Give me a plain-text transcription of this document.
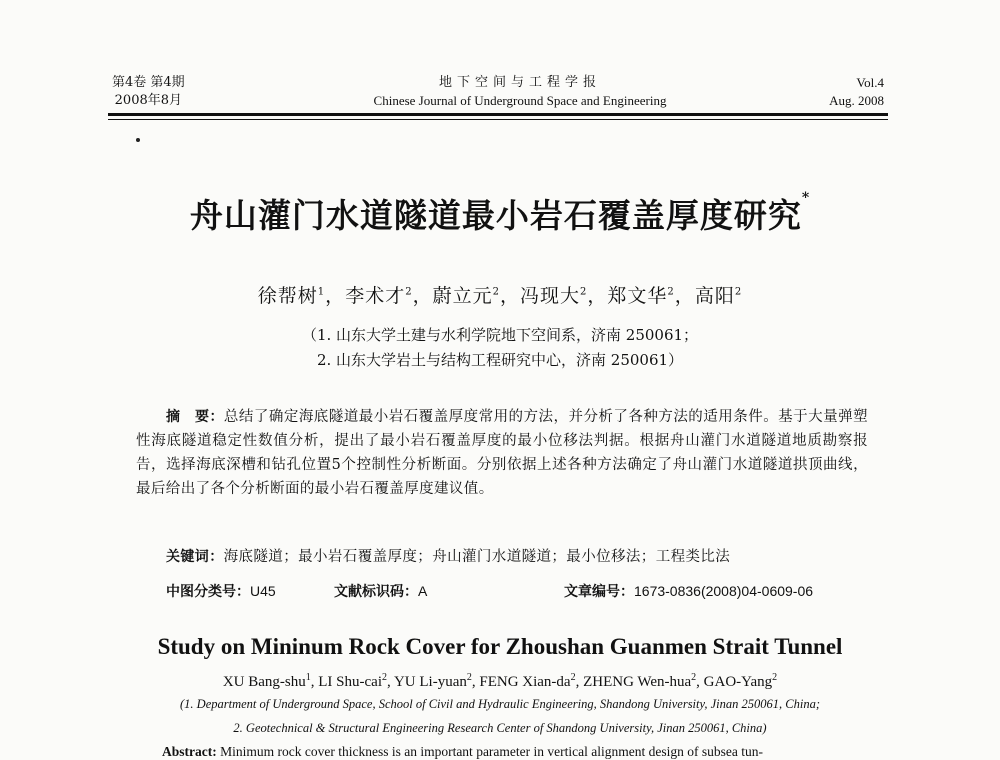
第4卷 第4期
2008年8月
地下空间与工程学报
Chinese Journal of Underground Space and Engineering
Vol.4
Aug. 2008
舟山灌门水道隧道最小岩石覆盖厚度研究*
徐帮树$^1$，李术才$^2$，蔚立元$^2$，冯现大$^2$，郑文华$^2$，高阳$^2$
（1. 山东大学土建与水利学院地下空间系，济南 250061；
2. 山东大学岩土与结构工程研究中心，济南 250061）
摘　要：总结了确定海底隧道最小岩石覆盖厚度常用的方法，并分析了各种方法的适用条件。基于大量弹塑性海底隧道稳定性数值分析，提出了最小岩石覆盖厚度的最小位移法判据。根据舟山灌门水道隧道地质勘察报告，选择海底深槽和钻孔位置5个控制性分析断面。分别依据上述各种方法确定了舟山灌门水道隧道拱顶曲线，最后给出了各个分析断面的最小岩石覆盖厚度建议值。
关键词：海底隧道；最小岩石覆盖厚度；舟山灌门水道隧道；最小位移法；工程类比法
中图分类号：U45	文献标识码：A	文章编号：1673-0836(2008)04-0609-06
Study on Mininum Rock Cover for Zhoushan Guanmen Strait Tunnel
XU Bang-shu$^1$, LI Shu-cai$^2$, YU Li-yuan$^2$, FENG Xian-$da^2$, ZHENG Wen-hua$^2$, GAO-Yang$^2$
(1. Department of Underground Space, School of Civil and Hydraulic Engineering, Shandong University, Jinan 250061, China;
2. Geotechnical & Structural Engineering Research Center of Shandong University, Jinan 250061, China)
Abstract: Minimum rock cover thickness is an important parameter in vertical alignment design of subsea tun-
